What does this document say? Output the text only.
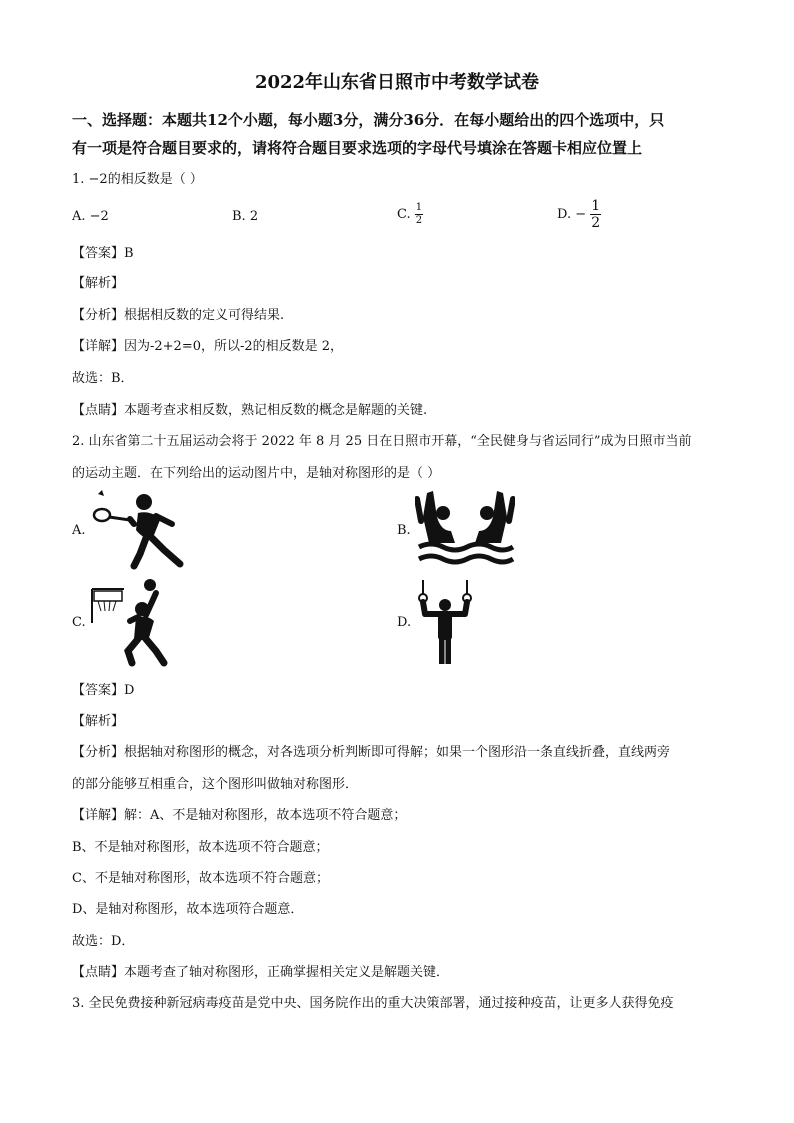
2022年山东省日照市中考数学试卷
一、选择题：本题共12个小题，每小题3分，满分36分．在每小题给出的四个选项中，只
有一项是符合题目要求的，请将符合题目要求选项的字母代号填涂在答题卡相应位置上
1. −2的相反数是（ ）
A. −2	B. 2	C. $\frac{1}{2}$	D. − $\frac{1}{2}$
【答案】B
【解析】
【分析】根据相反数的定义可得结果.
【详解】因为-2+2=0，所以-2的相反数是 2，
故选：B．
【点睛】本题考查求相反数，熟记相反数的概念是解题的关键.
2. 山东省第二十五届运动会将于 2022 年 8 月 25 日在日照市开幕，“全民健身与省运同行”成为日照市当前
的运动主题．在下列给出的运动图片中，是轴对称图形的是（ ）
A.	B.
C.	D.
【答案】D
【解析】
【分析】根据轴对称图形的概念，对各选项分析判断即可得解；如果一个图形沿一条直线折叠，直线两旁
的部分能够互相重合，这个图形叫做轴对称图形．
【详解】解：A、不是轴对称图形，故本选项不符合题意；
B、不是轴对称图形，故本选项不符合题意；
C、不是轴对称图形，故本选项不符合题意；
D、是轴对称图形，故本选项符合题意．
故选：D．
【点睛】本题考查了轴对称图形，正确掌握相关定义是解题关键．
3. 全民免费接种新冠病毒疫苗是党中央、国务院作出的重大决策部署，通过接种疫苗，让更多人获得免疫
